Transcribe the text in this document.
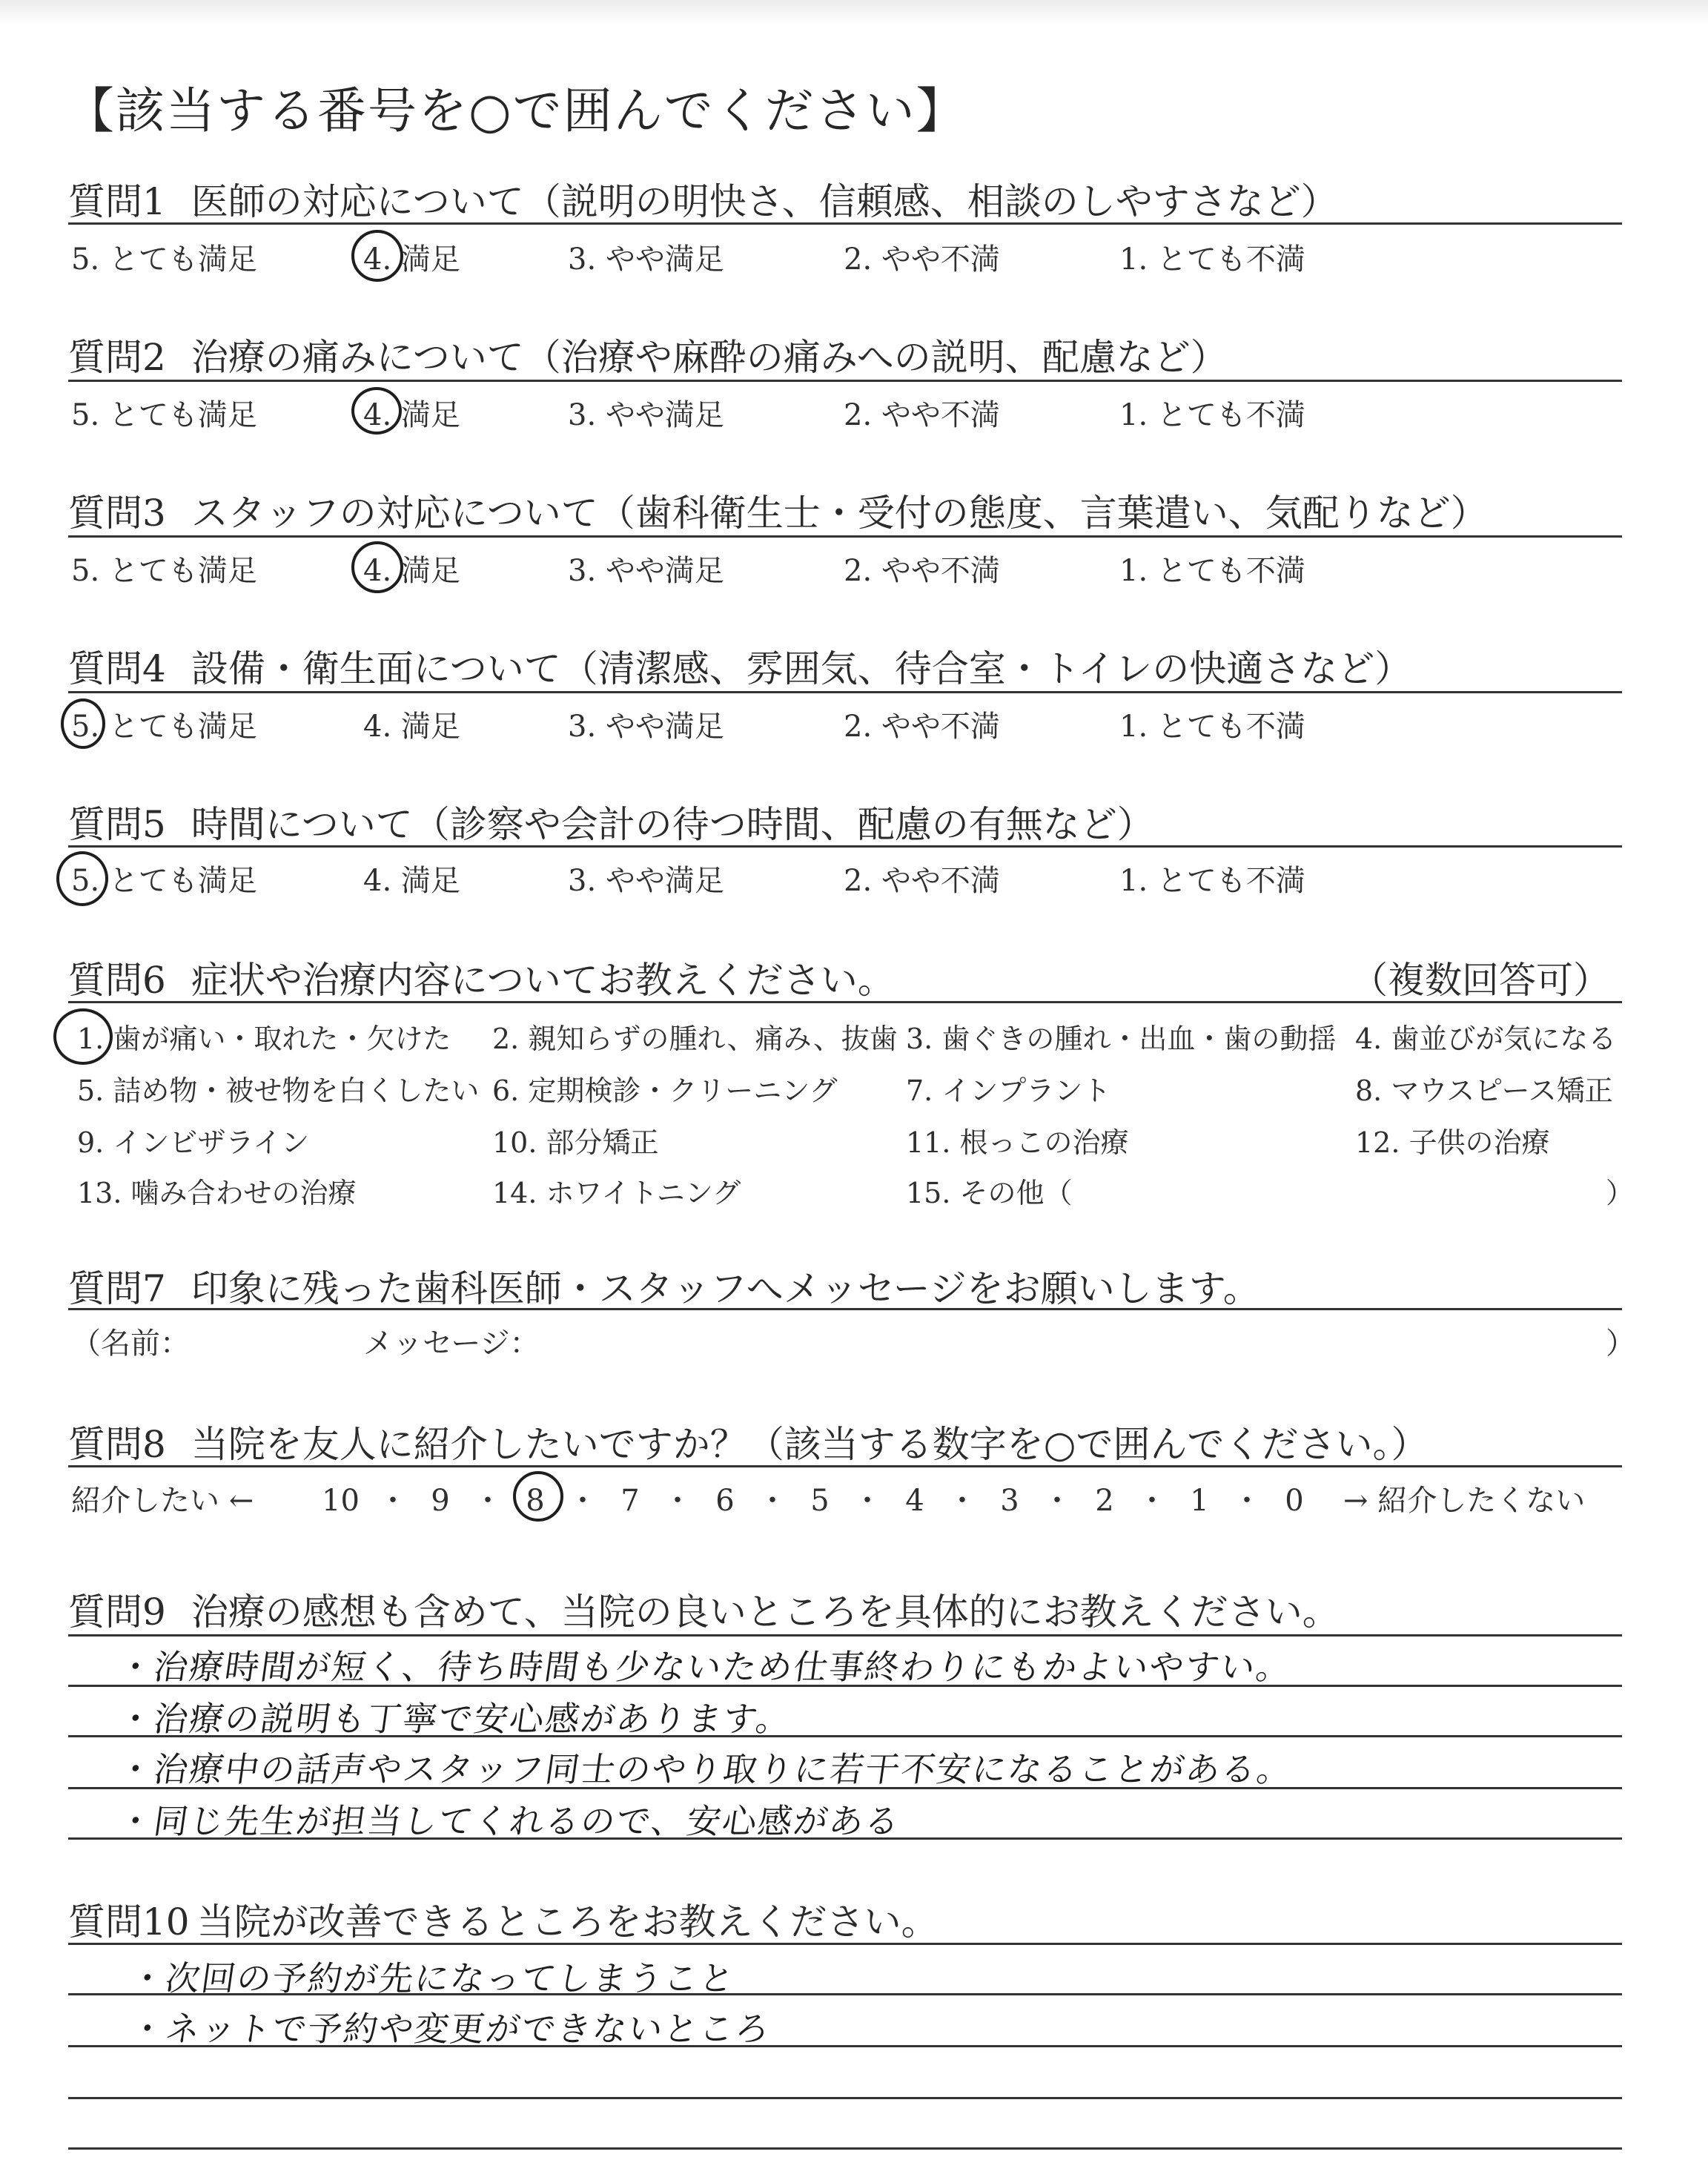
【該当する番号を○で囲んでください】
質問1 医師の対応について（説明の明快さ、信頼感、相談のしやすさなど）
5. とても満足	4. 満足	3. やや満足	2. やや不満	1. とても不満
質問2 治療の痛みについて（治療や麻酔の痛みへの説明、配慮など）
5. とても満足	4. 満足	3. やや満足	2. やや不満	1. とても不満
質問3 スタッフの対応について（歯科衛生士・受付の態度、言葉遣い、気配りなど）
5. とても満足	4. 満足	3. やや満足	2. やや不満	1. とても不満
質問4 設備・衛生面について（清潔感、雰囲気、待合室・トイレの快適さなど）
5. とても満足	4. 満足	3. やや満足	2. やや不満	1. とても不満
質問5 時間について（診察や会計の待つ時間、配慮の有無など）
5. とても満足	4. 満足	3. やや満足	2. やや不満	1. とても不満
質問6 症状や治療内容についてお教えください。	（複数回答可）
1. 歯が痛い・取れた・欠けた 2. 親知らずの腫れ、痛み、抜歯 3. 歯ぐきの腫れ・出血・歯の動揺 4. 歯並びが気になる
5. 詰め物・被せ物を白くしたい 6. 定期検診・クリーニング 7. インプラント	8. マウスピース矯正
9. インビザライン	10. 部分矯正	11. 根っこの治療	12. 子供の治療
13. 噛み合わせの治療	14. ホワイトニング	15. その他（	）
質問7 印象に残った歯科医師・スタッフへメッセージをお願いします。
（名前：	メッセージ：	）
質問8 当院を友人に紹介したいですか？（該当する数字を○で囲んでください。）
紹介したい ← 10 ・ 9 ・ 8 ・ 7 ・ 6 ・ 5 ・ 4 ・ 3 ・ 2 ・ 1 ・ 0	→ 紹介したくない
質問9 治療の感想も含めて、当院の良いところを具体的にお教えください。
・治療時間が短く、待ち時間も少ないため仕事終わりにもかよいやすい。
・治療の説明も丁寧で安心感があります。
・治療中の話声やスタッフ同士のやり取りに若干不安になることがある。
・同じ先生が担当してくれるので、安心感がある
質問10 当院が改善できるところをお教えください。
・次回の予約が先になってしまうこと
・ネットで予約や変更ができないところ
